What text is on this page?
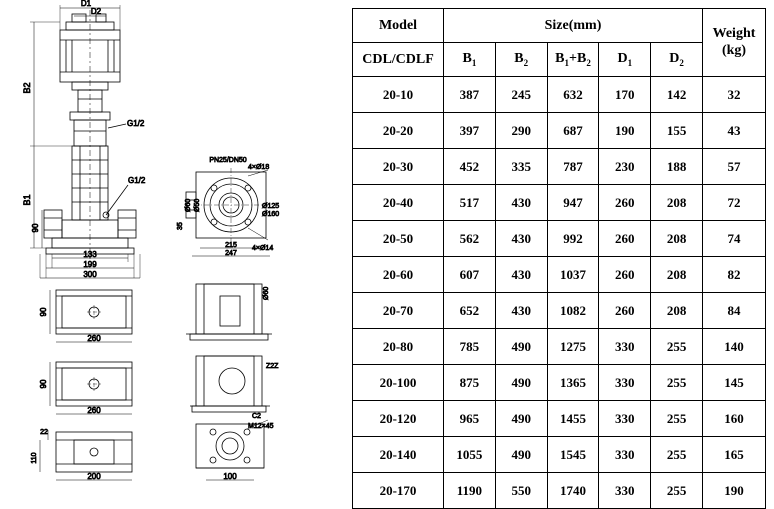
G1/2
G1/2
D1
D2
B2
B1
90
133
199
300
PN25/DN50
4×Ø18
4×Ø14
Ø125
Ø160
Ø60 Ø50
35
215
247
90
260
Ø60
90
260
Z2Z
22
110
200
C2
M12×45
100
Model	Size(mm)					Weight
(kg)

CDL/CDLF	$B_1$	$B_2$	$B_1+B_2$	$D_1$	$D_2$
20-10	387	245	632	170	142	32
20-20	397	290	687	190	155	43
20-30	452	335	787	230	188	57
20-40	517	430	947	260	208	72
20-50	562	430	992	260	208	74
20-60	607	430	1037	260	208	82
20-70	652	430	1082	260	208	84
20-80	785	490	1275	330	255	140
20-100	875	490	1365	330	255	145
20-120	965	490	1455	330	255	160
20-140	1055	490	1545	330	255	165
20-170	1190	550	1740	330	255	190
